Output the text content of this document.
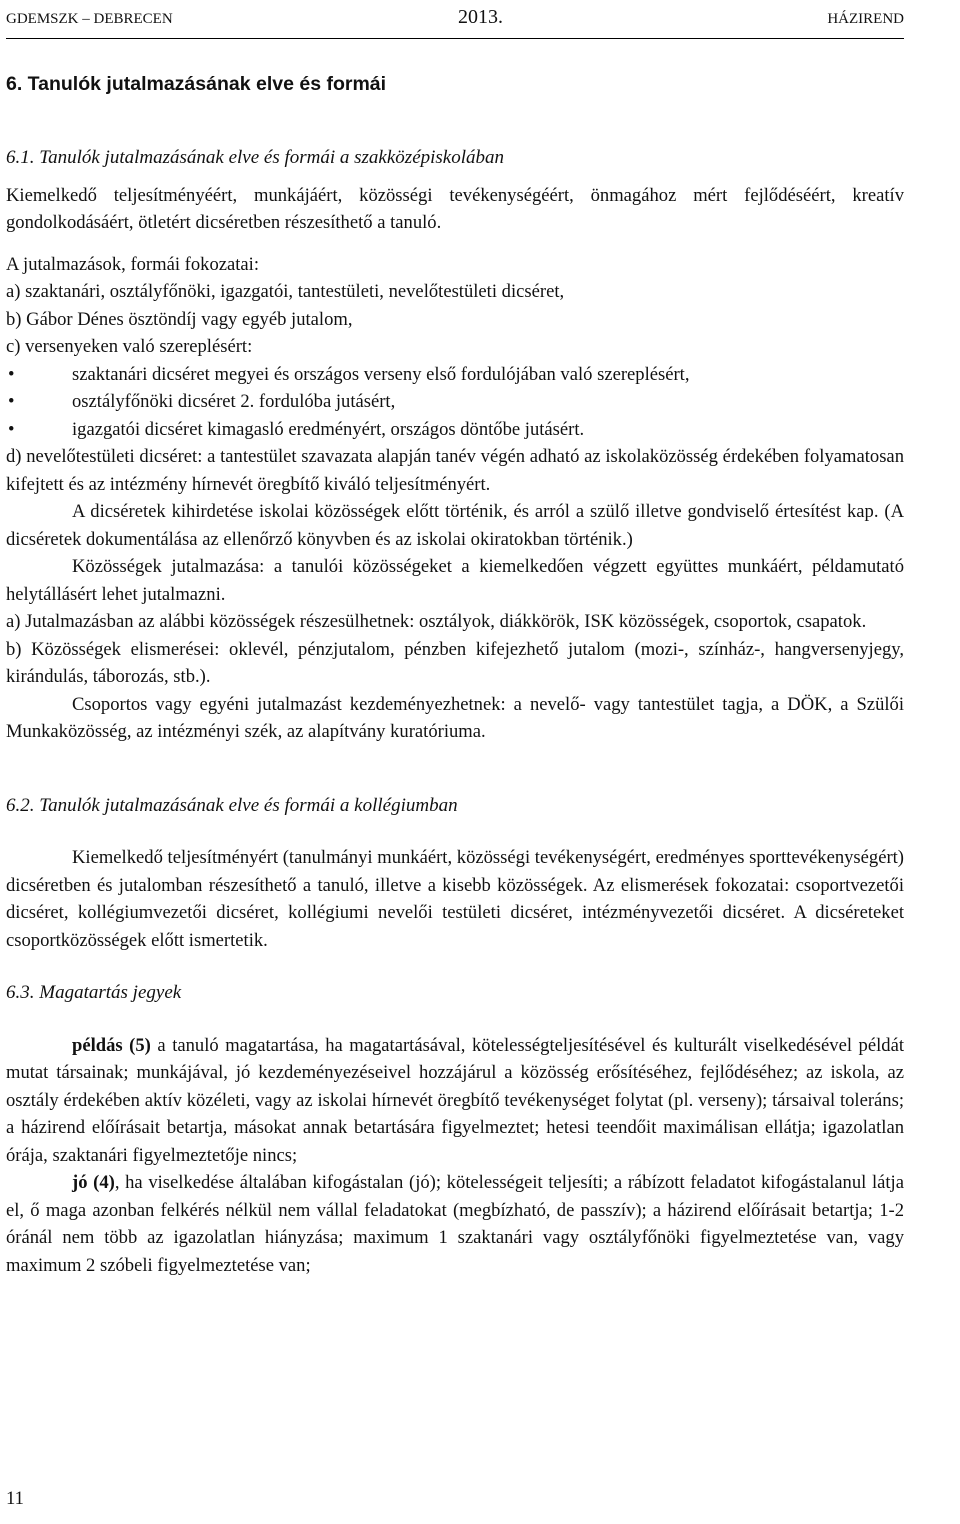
GDEMSZK – DEBRECEN	2013.	HÁZIREND

6. Tanulók jutalmazásának elve és formái

6.1. Tanulók jutalmazásának elve és formái a szakközépiskolában

Kiemelkedő teljesítményéért, munkájáért, közösségi tevékenységéért, önmagához mért fejlődéséért, kreatív gondolkodásáért, ötletért dicséretben részesíthető a tanuló.

A jutalmazások, formái fokozatai:

a) szaktanári, osztályfőnöki, igazgatói, tantestületi, nevelőtestületi dicséret,

b) Gábor Dénes ösztöndíj vagy egyéb jutalom,

c) versenyeken való szereplésért:

• szaktanári dicséret megyei és országos verseny első fordulójában való szereplésért,
• osztályfőnöki dicséret 2. fordulóba jutásért,
• igazgatói dicséret kimagasló eredményért, országos döntőbe jutásért.

d) nevelőtestületi dicséret: a tantestület szavazata alapján tanév végén adható az iskolaközösség érdekében folyamatosan kifejtett és az intézmény hírnevét öregbítő kiváló teljesítményért.

A dicséretek kihirdetése iskolai közösségek előtt történik, és arról a szülő illetve gondviselő értesítést kap. (A dicséretek dokumentálása az ellenőrző könyvben és az iskolai okiratokban történik.)

Közösségek jutalmazása: a tanulói közösségeket a kiemelkedően végzett együttes munkáért, példamutató helytállásért lehet jutalmazni.

a) Jutalmazásban az alábbi közösségek részesülhetnek: osztályok, diákkörök, ISK közösségek, csoportok, csapatok.

b) Közösségek elismerései: oklevél, pénzjutalom, pénzben kifejezhető jutalom (mozi-, színház-, hangversenyjegy, kirándulás, táborozás, stb.).

Csoportos vagy egyéni jutalmazást kezdeményezhetnek: a nevelő- vagy tantestület tagja, a DÖK, a Szülői Munkaközösség, az intézményi szék, az alapítvány kuratóriuma.

6.2. Tanulók jutalmazásának elve és formái a kollégiumban

Kiemelkedő teljesítményért (tanulmányi munkáért, közösségi tevékenységért, eredményes sporttevékenységért) dicséretben és jutalomban részesíthető a tanuló, illetve a kisebb közösségek. Az elismerések fokozatai: csoportvezetői dicséret, kollégiumvezetői dicséret, kollégiumi nevelői testületi dicséret, intézményvezetői dicséret. A dicséreteket csoportközösségek előtt ismertetik.

6.3. Magatartás jegyek

példás (5) a tanuló magatartása, ha magatartásával, kötelességteljesítésével és kulturált viselkedésével példát mutat társainak; munkájával, jó kezdeményezéseivel hozzájárul a közösség erősítéséhez, fejlődéséhez; az iskola, az osztály érdekében aktív közéleti, vagy az iskolai hírnevét öregbítő tevékenységet folytat (pl. verseny); társaival toleráns; a házirend előírásait betartja, másokat annak betartására figyelmeztet; hetesi teendőit maximálisan ellátja; igazolatlan órája, szaktanári figyelmeztetője nincs;

jó (4), ha viselkedése általában kifogástalan (jó); kötelességeit teljesíti; a rábízott feladatot kifogástalanul látja el, ő maga azonban felkérés nélkül nem vállal feladatokat (megbízható, de passzív); a házirend előírásait betartja; 1-2 óránál nem több az igazolatlan hiányzása; maximum 1 szaktanári vagy osztályfőnöki figyelmeztetése van, vagy maximum 2 szóbeli figyelmeztetése van;

11
